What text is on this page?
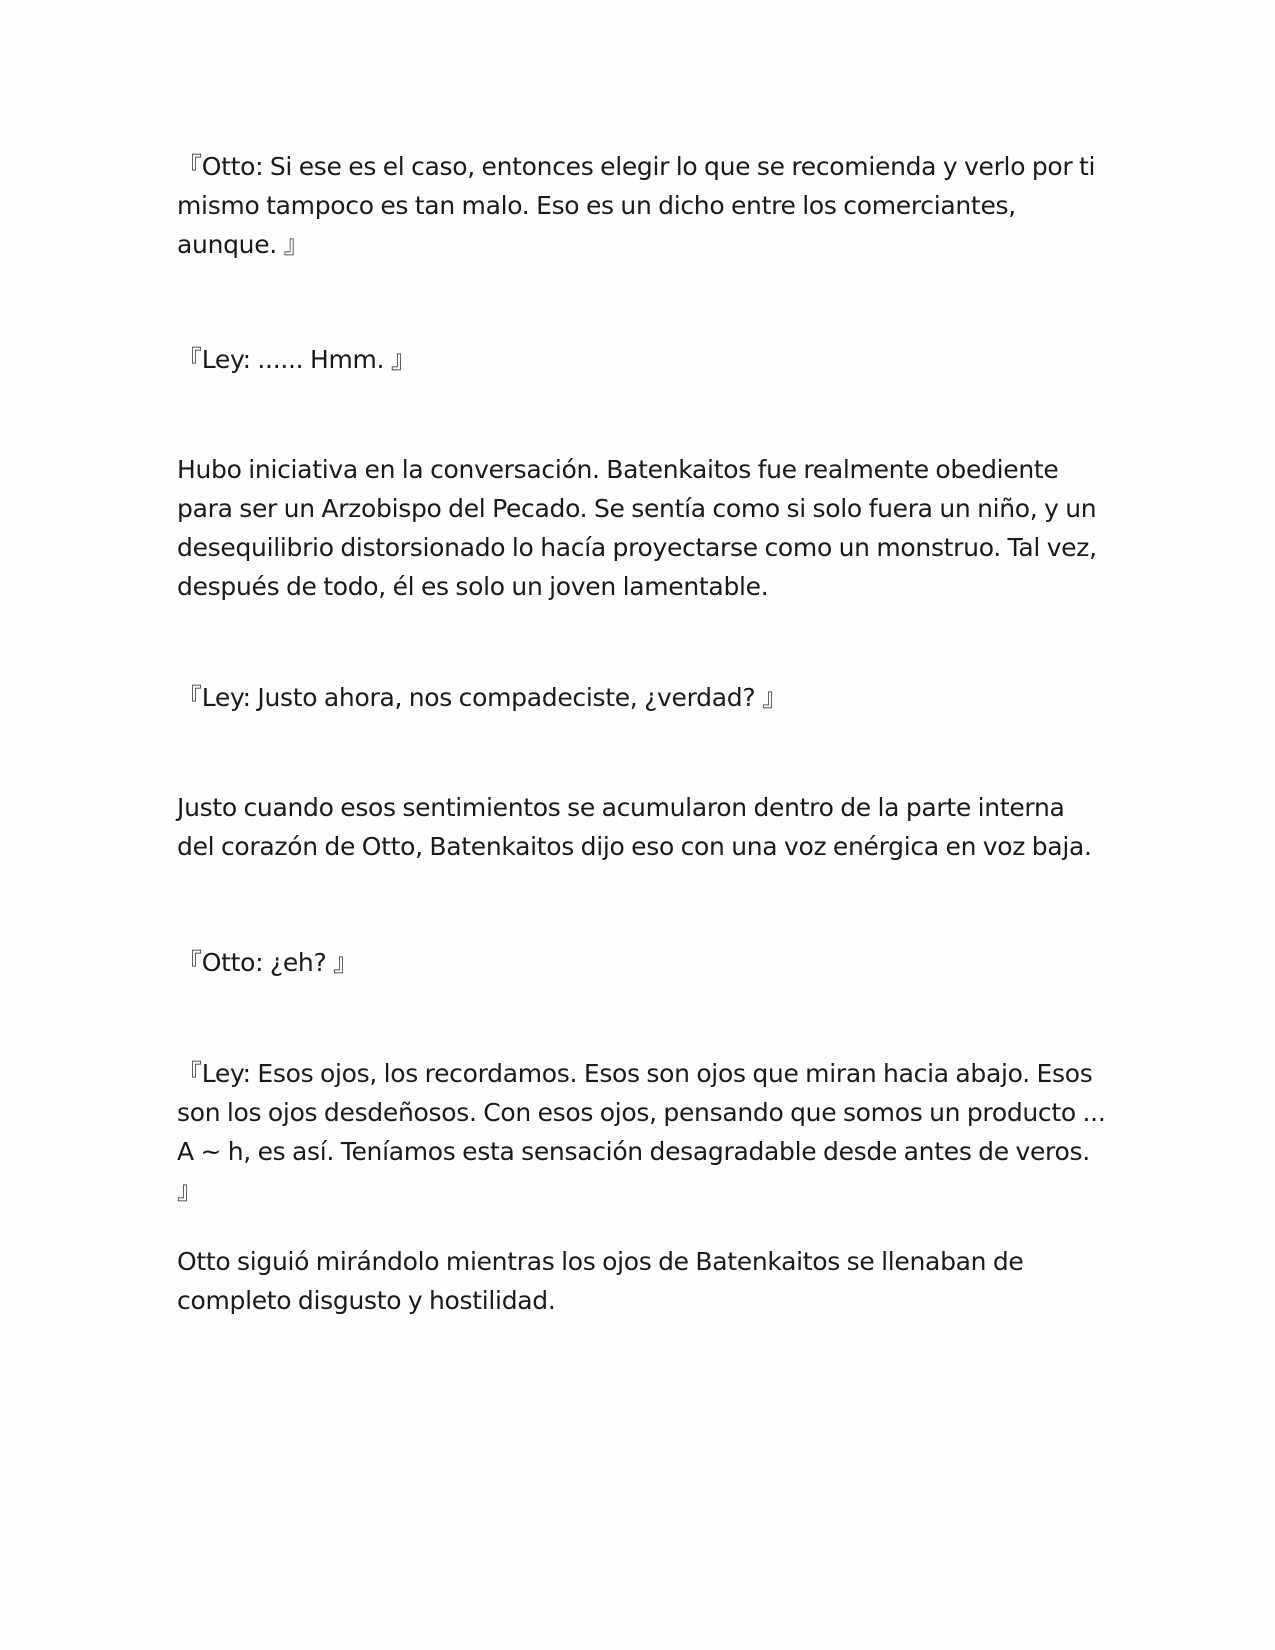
『Otto: Si ese es el caso, entonces elegir lo que se recomienda y verlo por ti mismo tampoco es tan malo. Eso es un dicho entre los comerciantes, aunque. 』

『Ley: ...... Hmm. 』

Hubo iniciativa en la conversación. Batenkaitos fue realmente obediente para ser un Arzobispo del Pecado. Se sentía como si solo fuera un niño, y un desequilibrio distorsionado lo hacía proyectarse como un monstruo. Tal vez, después de todo, él es solo un joven lamentable.

『Ley: Justo ahora, nos compadeciste, ¿verdad? 』

Justo cuando esos sentimientos se acumularon dentro de la parte interna del corazón de Otto, Batenkaitos dijo eso con una voz enérgica en voz baja.

『Otto: ¿eh? 』

『Ley: Esos ojos, los recordamos. Esos son ojos que miran hacia abajo. Esos son los ojos desdeñosos. Con esos ojos, pensando que somos un producto ... A ~ h, es así. Teníamos esta sensación desagradable desde antes de veros. 』

Otto siguió mirándolo mientras los ojos de Batenkaitos se llenaban de completo disgusto y hostilidad.
